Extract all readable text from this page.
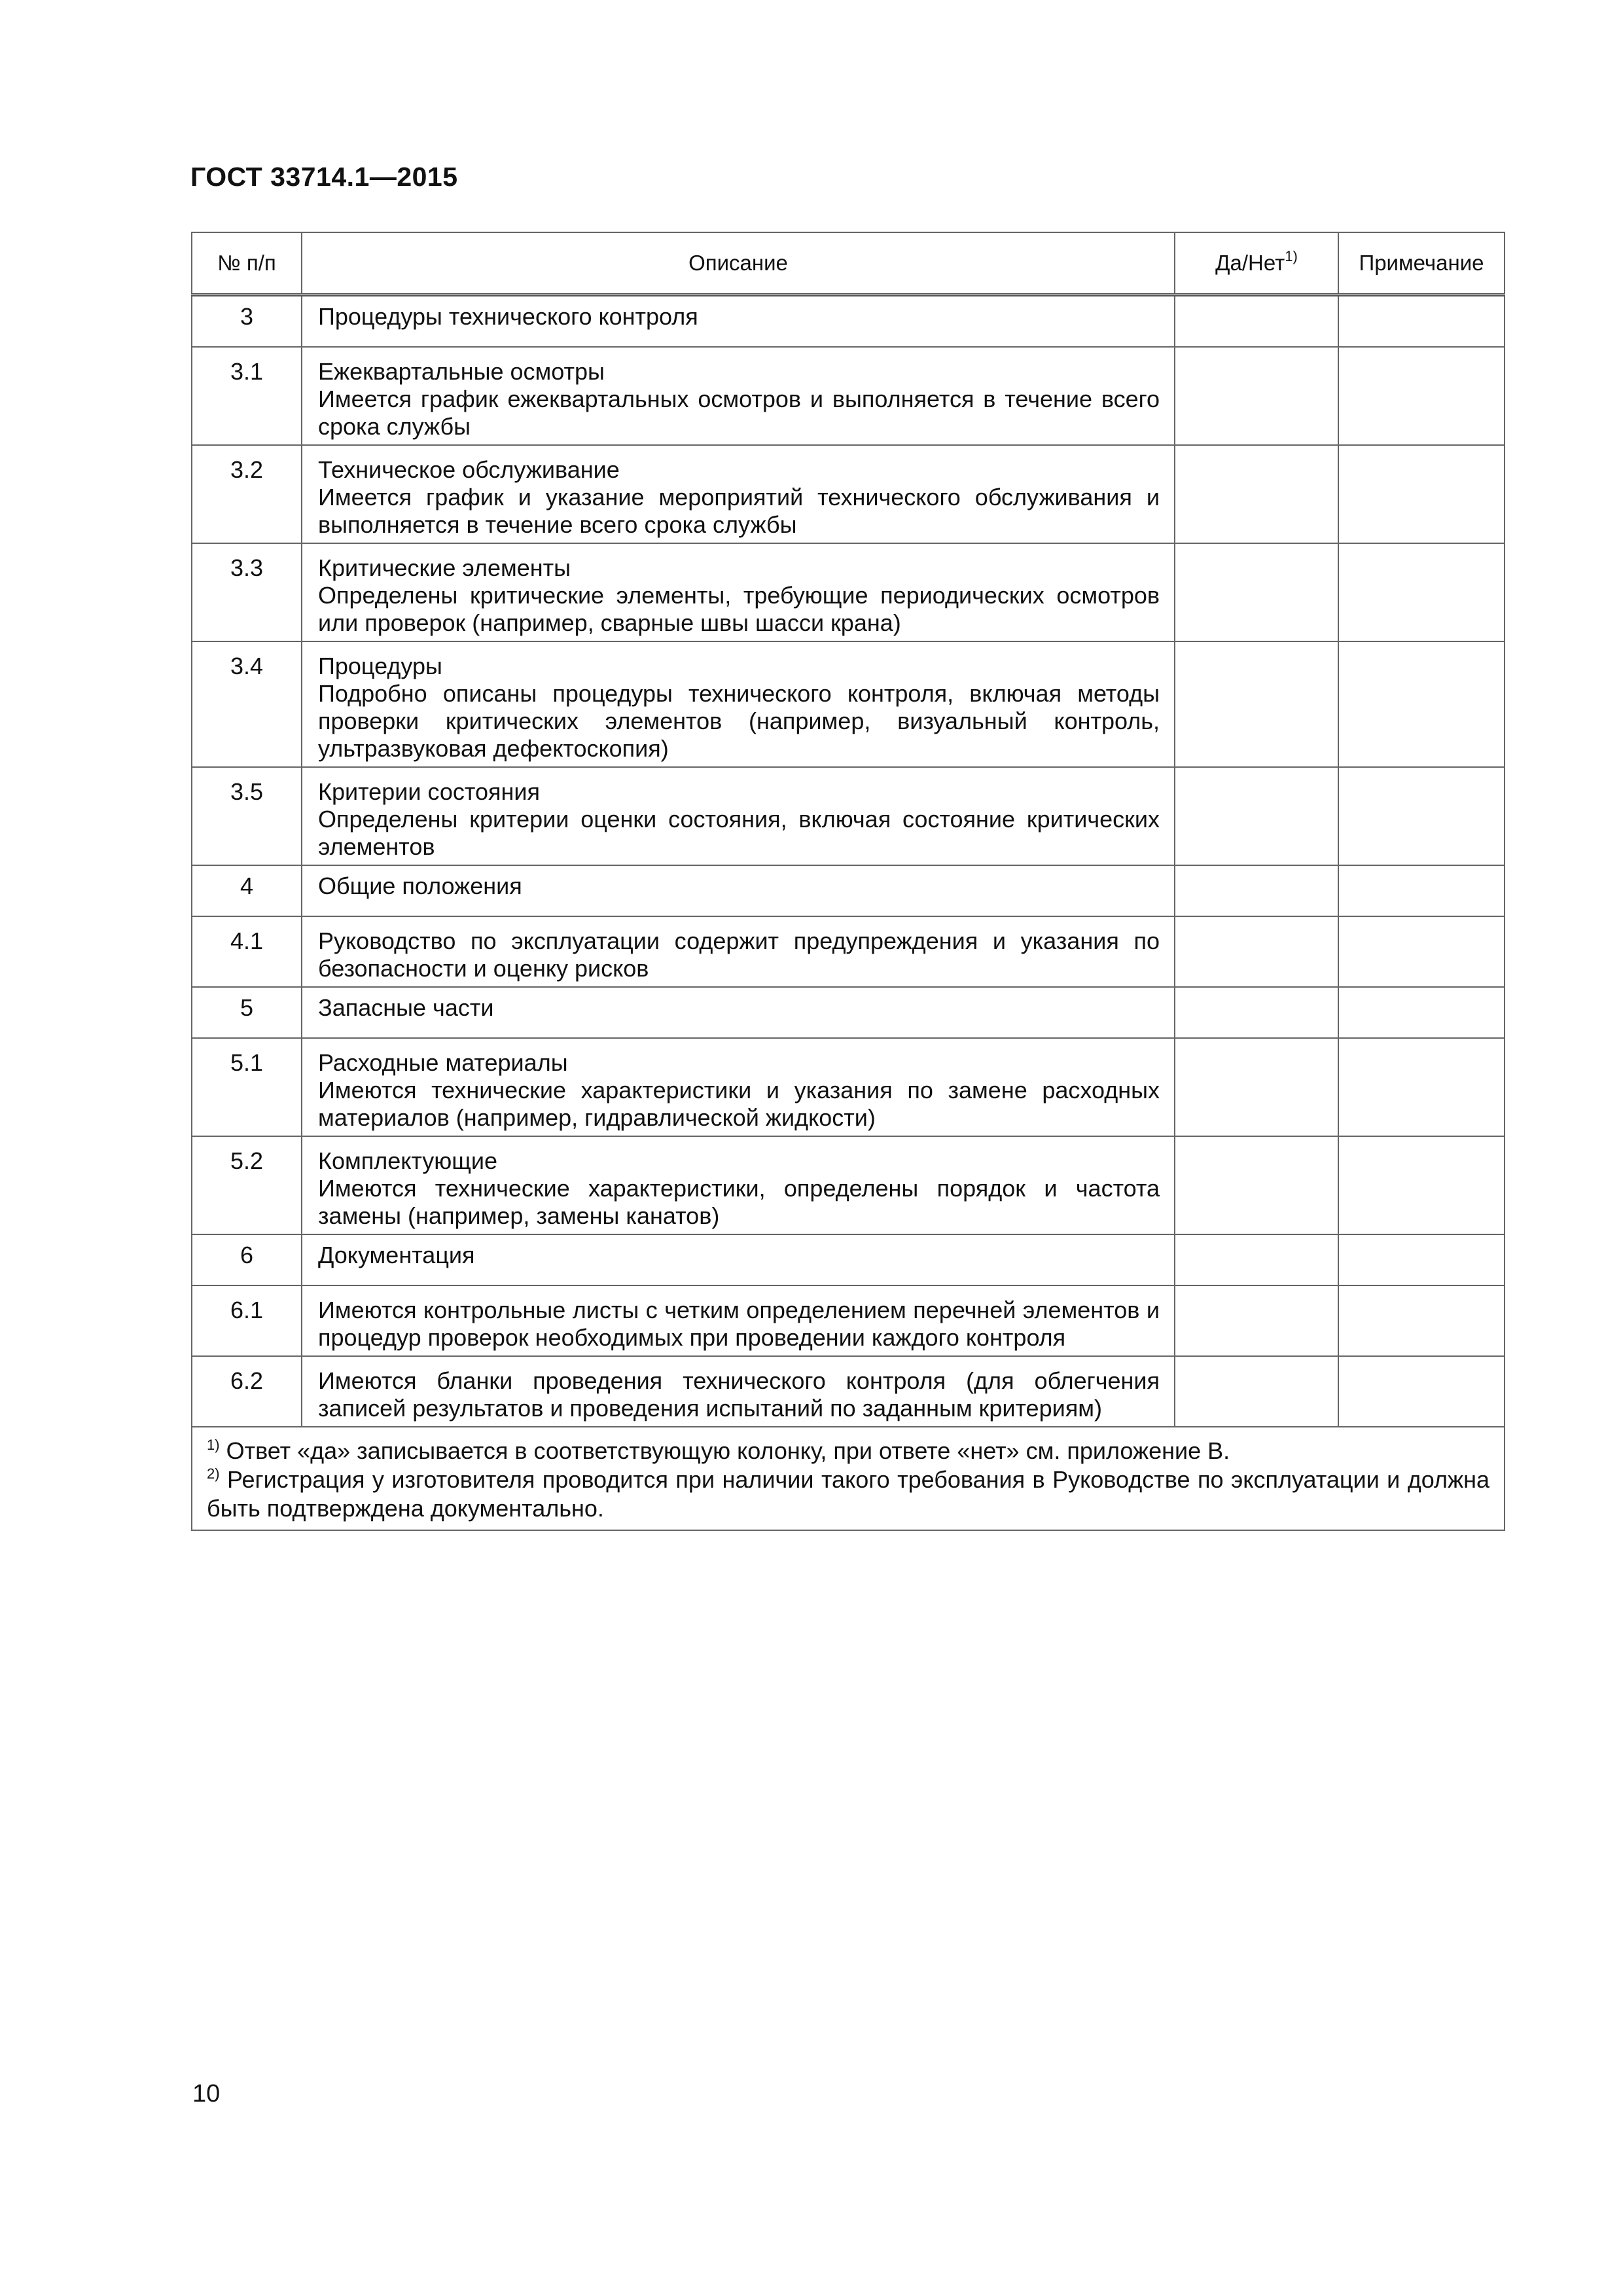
ГОСТ 33714.1—2015
№ п/п	Описание	Да/Нет$^{1)}$	Примечание
3	Процедуры технического контроля		

3.1	Ежеквартальные осмотры
Имеется график ежеквартальных осмотров и выполняется в течение всего срока службы		

3.2	Техническое обслуживание
Имеется график и указание мероприятий технического обслуживания и выполняется в течение всего срока службы		

3.3	Критические элементы
Определены критические элементы, требующие периодических осмотров или проверок (например, сварные швы шасси крана)		

3.4	Процедуры
Подробно описаны процедуры технического контроля, включая методы проверки критических элементов (например, визуальный контроль, ультразвуковая дефектоскопия)		

3.5	Критерии состояния
Определены критерии оценки состояния, включая состояние критических элементов		

4	Общие положения		

4.1	Руководство по эксплуатации содержит предупреждения и указания по безопасности и оценку рисков		

5	Запасные части		

5.1	Расходные материалы
Имеются технические характеристики и указания по замене расходных материалов (например, гидравлической жидкости)		

5.2	Комплектующие
Имеются технические характеристики, определены порядок и частота замены (например, замены канатов)		

6	Документация		

6.1	Имеются контрольные листы с четким определением перечней элементов и процедур проверок необходимых при проведении каждого контроля		

6.2	Имеются бланки проведения технического контроля (для облегчения записей результатов и проведения испытаний по заданным критериям)		

$^{1)}$ Ответ «да» записывается в соответствующую колонку, при ответе «нет» см. приложение В.
$^{2)}$ Регистрация у изготовителя проводится при наличии такого требования в Руководстве по эксплуатации и должна быть подтверждена документально.			
10
